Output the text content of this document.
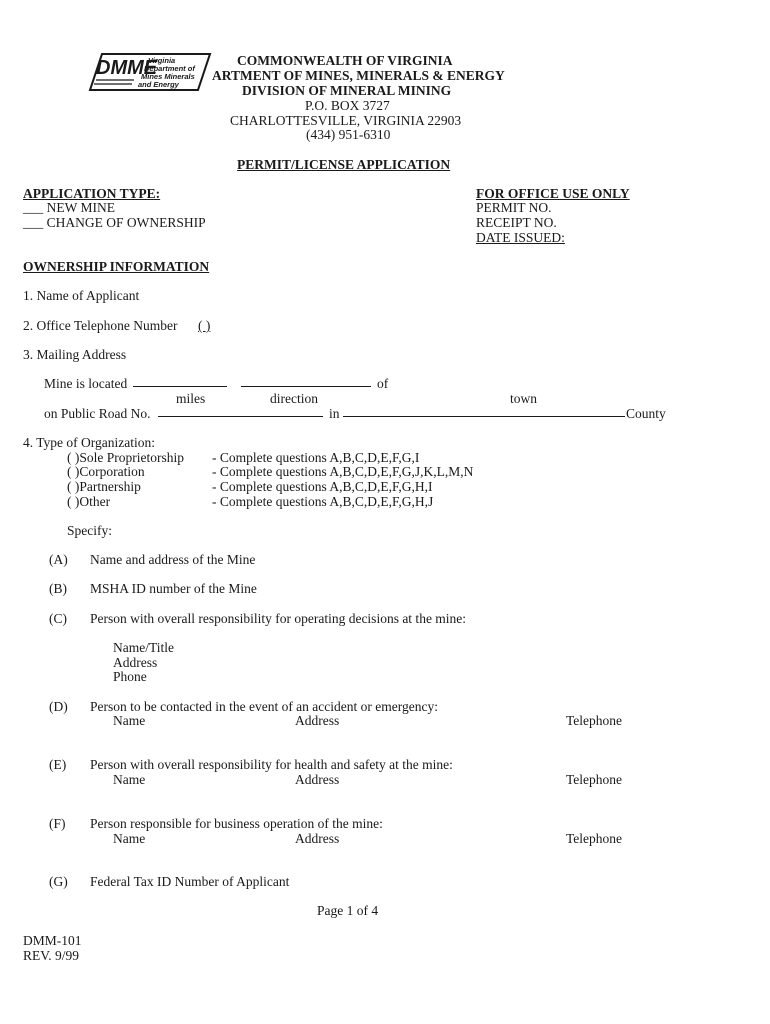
DMME
Virginia
Department of
Mines Minerals
and Energy
COMMONWEALTH OF VIRGINIA
ARTMENT OF MINES, MINERALS & ENERGY
DIVISION OF MINERAL MINING
P.O. BOX 3727
CHARLOTTESVILLE, VIRGINIA 22903
(434) 951-6310
PERMIT/LICENSE APPLICATION
APPLICATION TYPE:
___ NEW MINE
___ CHANGE OF OWNERSHIP
FOR OFFICE USE ONLY
PERMIT NO.
RECEIPT NO.
DATE ISSUED:
OWNERSHIP INFORMATION
1. Name of Applicant
2. Office Telephone Number ( )
3. Mailing Address
Mine is located	of
miles	direction	town
on Public Road No.	in	County
4. Type of Organization:
( )Sole Proprietorship - Complete questions A,B,C,D,E,F,G,I
( )Corporation	- Complete questions A,B,C,D,E,F,G,J,K,L,M,N
( )Partnership	- Complete questions A,B,C,D,E,F,G,H,I
( )Other	- Complete questions A,B,C,D,E,F,G,H,J
Specify:
(A) Name and address of the Mine
(B) MSHA ID number of the Mine
(C) Person with overall responsibility for operating decisions at the mine:
Name/Title
Address
Phone
(D) Person to be contacted in the event of an accident or emergency:
Name	Address	Telephone
(E) Person with overall responsibility for health and safety at the mine:
Name	Address	Telephone
(F) Person responsible for business operation of the mine:
Name	Address	Telephone
(G) Federal Tax ID Number of Applicant
Page 1 of 4
DMM-101
REV. 9/99
